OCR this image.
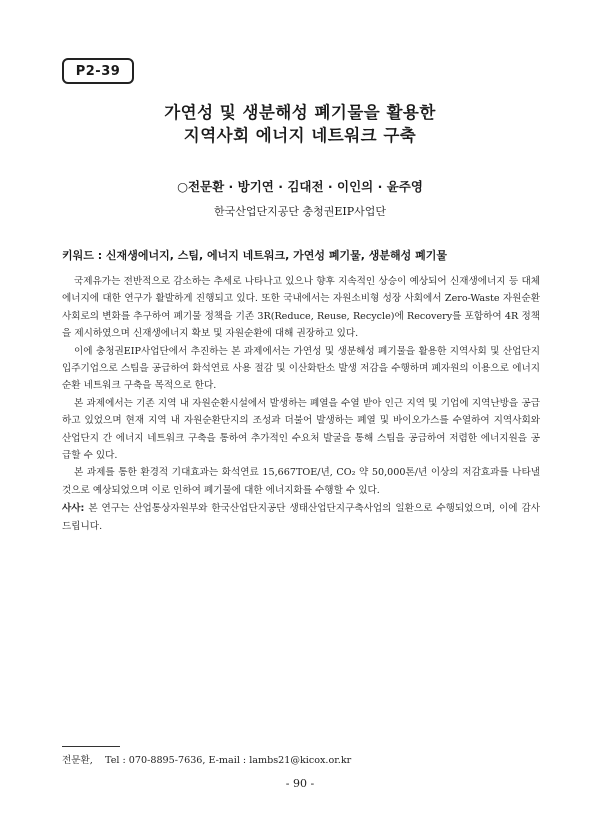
P2-39
가연성 및 생분해성 폐기물을 활용한
지역사회 에너지 네트워크 구축
○전문환 · 방기연 · 김대전 · 이인의 · 윤주영
한국산업단지공단 충청권EIP사업단
키워드 : 신재생에너지, 스팀, 에너지 네트워크, 가연성 폐기물, 생분해성 폐기물

국제유가는 전반적으로 감소하는 추세로 나타나고 있으나 향후 지속적인 상승이 예상되어 신재생에너지 등 대체 에너지에 대한 연구가 활발하게 진행되고 있다. 또한 국내에서는 자원소비형 성장 사회에서 Zero-Waste 자원순환사회로의 변화를 추구하여 폐기물 정책을 기존 3R(Reduce, Reuse, Recycle)에 Recovery를 포함하여 4R 정책을 제시하였으며 신재생에너지 확보 및 자원순환에 대해 권장하고 있다.

이에 충청권EIP사업단에서 추진하는 본 과제에서는 가연성 및 생분해성 폐기물을 활용한 지역사회 및 산업단지 입주기업으로 스팀을 공급하여 화석연료 사용 절감 및 이산화탄소 발생 저감을 수행하며 폐자원의 이용으로 에너지순환 네트워크 구축을 목적으로 한다.

본 과제에서는 기존 지역 내 자원순환시설에서 발생하는 폐열을 수열 받아 인근 지역 및 기업에 지역난방을 공급하고 있었으며 현재 지역 내 자원순환단지의 조성과 더불어 발생하는 폐열 및 바이오가스를 수열하여 지역사회와 산업단지 간 에너지 네트워크 구축을 통하여 추가적인 수요처 발굴을 통해 스팀을 공급하여 저렴한 에너지원을 공급할 수 있다.

본 과제를 통한 환경적 기대효과는 화석연료 15,667TOE/년, CO₂ 약 50,000톤/년 이상의 저감효과를 나타낼 것으로 예상되었으며 이로 인하여 폐기물에 대한 에너지화를 수행할 수 있다.

사사: 본 연구는 산업통상자원부와 한국산업단지공단 생태산업단지구축사업의 일환으로 수행되었으며, 이에 감사드립니다.
전문환,    Tel : 070-8895-7636, E-mail : lambs21@kicox.or.kr
- 90 -
